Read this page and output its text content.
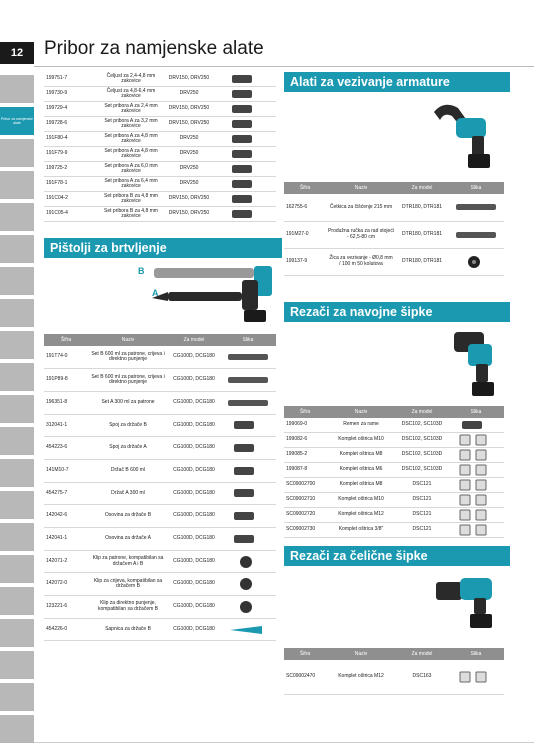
12	Pribor za namjenske alate
Pribor za namjenske alate
199751-7	Čeljust za 2,4-4,8 mm zakovice	DRV150, DRV250	

199730-9	Čeljust za 4,8-6,4 mm zakovice	DRV250	

199729-4	Set pribora A za 2,4 mm zakovice	DRV150, DRV250	

199728-6	Set pribora A za 3,2 mm zakovice	DRV150, DRV250	

191F80-4	Set pribora A za 4,8 mm zakovice	DRV250	

191F79-9	Set pribora A za 4,8 mm zakovice	DRV250	

199725-2	Set pribora A za 6,0 mm zakovice	DRV250	

191F78-1	Set pribora A za 6,4 mm zakovice	DRV250	

191C04-2	Set pribora B za 4,8 mm zakovice	DRV150, DRV250	

191C05-4	Set pribora B za 4,8 mm zakovice	DRV150, DRV250	
Pištolji za brtvljenje
B
A
Šifra	Naziv	Za model	Slika
191T74-0	Set B 600 ml za patrone, crijeva i direktno punjenje	CG100D, DCG180	

191P89-8	Set B 600 ml za patrone, crijeva i direktno punjenje	CG100D, DCG180	

196351-8	Set A 300 ml za patrone	CG100D, DCG180	

312041-1	Spoj za držače B	CG100D, DCG180	

454223-6	Spoj za držače A	CG100D, DCG180	

141M10-7	Držač B 600 ml	CG100D, DCG180	

454275-7	Držač A 300 ml	CG100D, DCG180	

142042-6	Osovina za držače B	CG100D, DCG180	

142041-1	Osovina za držače A	CG100D, DCG180	

142071-2	Klip za patrone, kompatibilan sa držačem A i B	CG100D, DCG180	

142072-0	Klip za crijeva, kompatibilan sa držačem B	CG100D, DCG180	

123221-6	Klip za direktno punjenje, kompatibilan sa držačem B	CG100D, DCG180	

454226-0	Sapnica za držače B	CG100D, DCG180	
Alati za vezivanje armature
Šifra	Naziv	Za model	Slika
162755-6	Četkica za čišćenje 215 mm	DTR180, DTR181	

191M27-0	Produžna ručka za rad stojeći - 62,5-80 cm	DTR180, DTR181	

199137-9	Žica za vezivanje - Ø0,8 mm / 100 m 50 kolutova	DTR180, DTR181	
Rezači za navojne šipke
Šifra	Naziv	Za model	Slika
199069-0	Remen za rame	DSC102, SC103D	

199082-6	Komplet oštrica M10	DSC102, SC103D	

199085-2	Komplet oštrica M8	DSC102, SC103D	

199087-8	Komplet oštrica M6	DSC102, SC103D	

SC09002700	Komplet oštrica M8	DSC121	

SC09002710	Komplet oštrica M10	DSC121	

SC09002720	Komplet oštrica M12	DSC121	

SC09002730	Komplet oštrica 3/8"	DSC121	
Rezači za čelične šipke
Šifra	Naziv	Za model	Slika
SC09002470	Komplet oštrica M12	DSC163	
